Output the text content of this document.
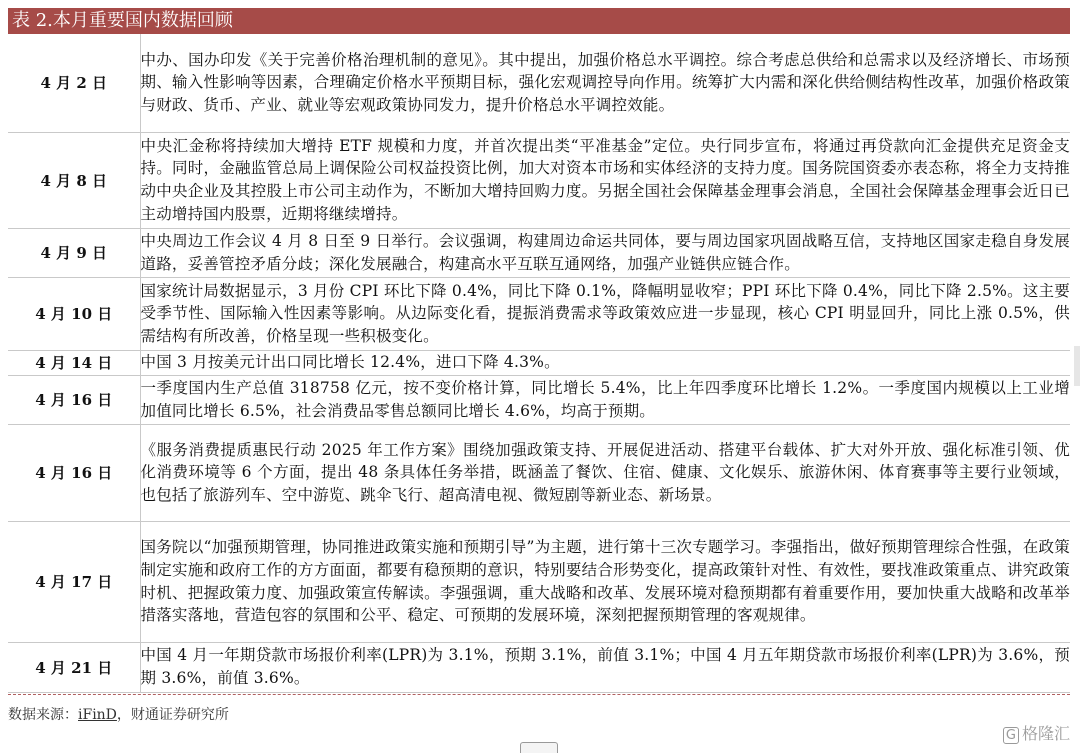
表 2.本月重要国内数据回顾
4 月 2 日	中办、国办印发《关于完善价格治理机制的意见》。其中提出，加强价格总水平调控。综合考虑总供给和总需求以及经济增长、市场预期、输入性影响等因素，合理确定价格水平预期目标，强化宏观调控导向作用。统筹扩大内需和深化供给侧结构性改革，加强价格政策与财政、货币、产业、就业等宏观政策协同发力，提升价格总水平调控效能。
4 月 8 日	中央汇金称将持续加大增持 ETF 规模和力度，并首次提出类“平准基金”定位。央行同步宣布，将通过再贷款向汇金提供充足资金支持。同时，金融监管总局上调保险公司权益投资比例，加大对资本市场和实体经济的支持力度。国务院国资委亦表态称，将全力支持推动中央企业及其控股上市公司主动作为，不断加大增持回购力度。另据全国社会保障基金理事会消息，全国社会保障基金理事会近日已主动增持国内股票，近期将继续增持。
4 月 9 日	中央周边工作会议 4 月 8 日至 9 日举行。会议强调，构建周边命运共同体，要与周边国家巩固战略互信，支持地区国家走稳自身发展道路，妥善管控矛盾分歧；深化发展融合，构建高水平互联互通网络，加强产业链供应链合作。
4 月 10 日	国家统计局数据显示，3 月份 CPI 环比下降 0.4%，同比下降 0.1%，降幅明显收窄；PPI 环比下降 0.4%，同比下降 2.5%。这主要受季节性、国际输入性因素等影响。从边际变化看，提振消费需求等政策效应进一步显现，核心 CPI 明显回升，同比上涨 0.5%，供需结构有所改善，价格呈现一些积极变化。
4 月 14 日	中国 3 月按美元计出口同比增长 12.4%，进口下降 4.3%。
4 月 16 日	一季度国内生产总值 318758 亿元，按不变价格计算，同比增长 5.4%，比上年四季度环比增长 1.2%。一季度国内规模以上工业增加值同比增长 6.5%，社会消费品零售总额同比增长 4.6%，均高于预期。
4 月 16 日	《服务消费提质惠民行动 2025 年工作方案》围绕加强政策支持、开展促进活动、搭建平台载体、扩大对外开放、强化标准引领、优化消费环境等 6 个方面，提出 48 条具体任务举措，既涵盖了餐饮、住宿、健康、文化娱乐、旅游休闲、体育赛事等主要行业领域，也包括了旅游列车、空中游览、跳伞飞行、超高清电视、微短剧等新业态、新场景。
4 月 17 日	国务院以“加强预期管理，协同推进政策实施和预期引导”为主题，进行第十三次专题学习。李强指出，做好预期管理综合性强，在政策制定实施和政府工作的方方面面，都要有稳预期的意识，特别要结合形势变化，提高政策针对性、有效性，要找准政策重点、讲究政策时机、把握政策力度、加强政策宣传解读。李强强调，重大战略和改革、发展环境对稳预期都有着重要作用，要加快重大战略和改革举措落实落地，营造包容的氛围和公平、稳定、可预期的发展环境，深刻把握预期管理的客观规律。
4 月 21 日	中国 4 月一年期贷款市场报价利率(LPR)为 3.1%，预期 3.1%，前值 3.1%；中国 4 月五年期贷款市场报价利率(LPR)为 3.6%，预期 3.6%，前值 3.6%。
数据来源：iFinD，财通证券研究所
G 格隆汇
